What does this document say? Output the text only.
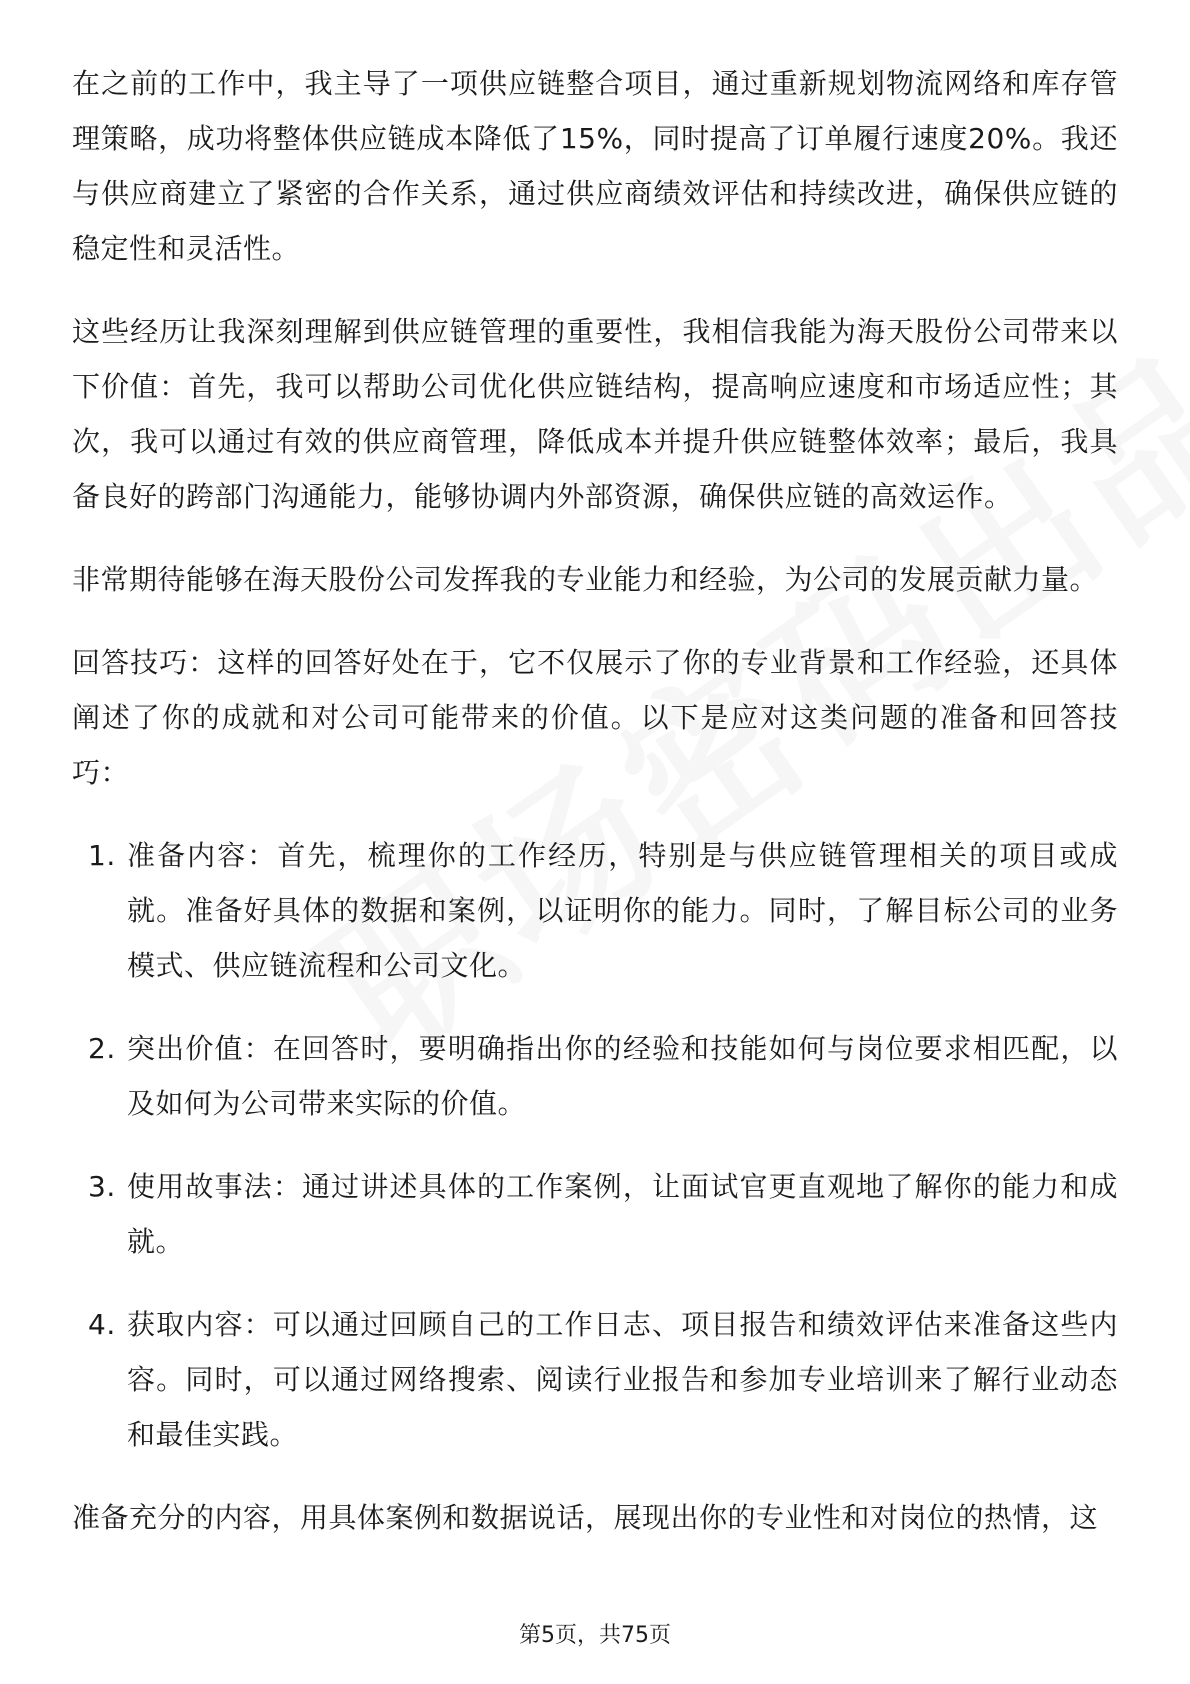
在之前的工作中，我主导了一项供应链整合项目，通过重新规划物流网络和库存管理策略，成功将整体供应链成本降低了15%，同时提高了订单履行速度20%。我还与供应商建立了紧密的合作关系，通过供应商绩效评估和持续改进，确保供应链的稳定性和灵活性。

这些经历让我深刻理解到供应链管理的重要性，我相信我能为海天股份公司带来以下价值：首先，我可以帮助公司优化供应链结构，提高响应速度和市场适应性；其次，我可以通过有效的供应商管理，降低成本并提升供应链整体效率；最后，我具备良好的跨部门沟通能力，能够协调内外部资源，确保供应链的高效运作。

非常期待能够在海天股份公司发挥我的专业能力和经验，为公司的发展贡献力量。

回答技巧：这样的回答好处在于，它不仅展示了你的专业背景和工作经验，还具体阐述了你的成就和对公司可能带来的价值。以下是应对这类问题的准备和回答技巧：

1. 准备内容：首先，梳理你的工作经历，特别是与供应链管理相关的项目或成就。准备好具体的数据和案例，以证明你的能力。同时，了解目标公司的业务模式、供应链流程和公司文化。
2. 突出价值：在回答时，要明确指出你的经验和技能如何与岗位要求相匹配，以及如何为公司带来实际的价值。
3. 使用故事法：通过讲述具体的工作案例，让面试官更直观地了解你的能力和成就。
4. 获取内容：可以通过回顾自己的工作日志、项目报告和绩效评估来准备这些内容。同时，可以通过网络搜索、阅读行业报告和参加专业培训来了解行业动态和最佳实践。

准备充分的内容，用具体案例和数据说话，展现出你的专业性和对岗位的热情，这

第5页，共75页
